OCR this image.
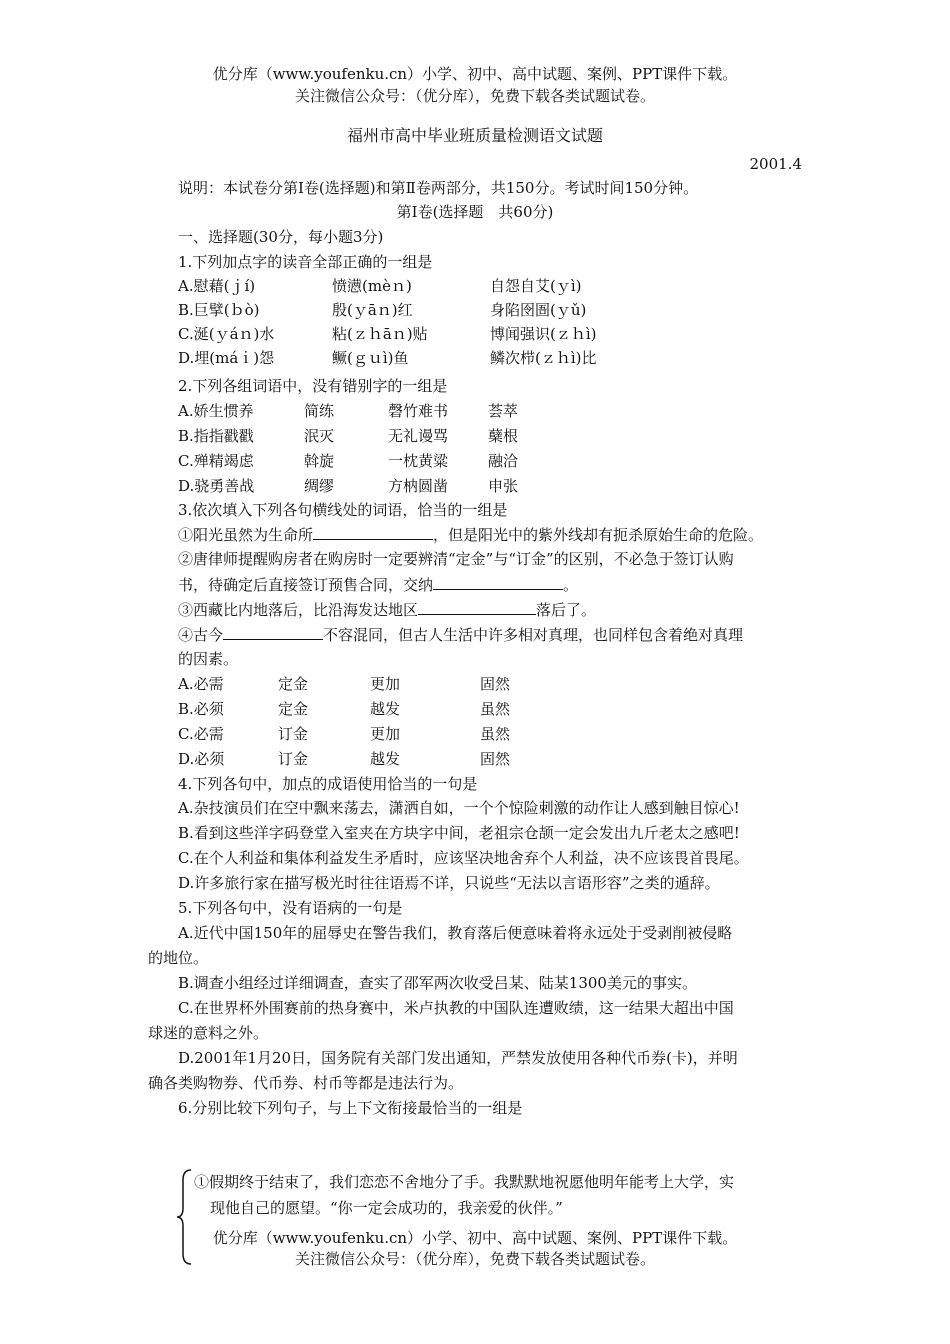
优分库（www.youfenku.cn）小学、初中、高中试题、案例、PPT课件下载。
关注微信公众号：（优分库），免费下载各类试题试卷。
福州市高中毕业班质量检测语文试题
2001.4
说明：本试卷分第Ⅰ卷(选择题)和第Ⅱ卷两部分，共150分。考试时间150分钟。
第Ⅰ卷(选择题　共60分)
一、选择题(30分，每小题3分)
1.下列加点字的读音全部正确的一组是
A.慰藉(ｊí)	愤懑(mèｎ)	自怨自艾(ｙì)
B.巨擘(ｂò)	殷(ｙāｎ)红	身陷囹圄(ｙǔ)
C.涎(ｙáｎ)水	粘(ｚｈāｎ)贴	博闻强识(ｚｈì)
D.埋(máｉ)怨	鳜(ｇｕì)鱼	鳞次栉(ｚｈì)比
2.下列各组词语中，没有错别字的一组是
A.娇生惯养	简练	磬竹难书	荟萃
B.指指戳戳	泯灭	无礼谩骂	蘖根
C.殚精竭虑	斡旋	一枕黄粱	融洽
D.骁勇善战	绸缪	方枘圆凿	申张
3.依次填入下列各句横线处的词语，恰当的一组是
①阳光虽然为生命所	，但是阳光中的紫外线却有扼杀原始生命的危险。
②唐律师提醒购房者在购房时一定要辨清“定金”与“订金”的区别，不必急于签订认购
书，待确定后直接签订预售合同，交纳	。
③西藏比内地落后，比沿海发达地区	落后了。
④古今	不容混同，但古人生活中许多相对真理，也同样包含着绝对真理
的因素。
A.必需	定金	更加	固然
B.必须	定金	越发	虽然
C.必需	订金	更加	虽然
D.必须	订金	越发	固然
4.下列各句中，加点的成语使用恰当的一句是
A.杂技演员们在空中飘来荡去，潇洒自如，一个个惊险刺激的动作让人感到触目惊心!
B.看到这些洋字码登堂入室夹在方块字中间，老祖宗仓颉一定会发出九斤老太之感吧!
C.在个人利益和集体利益发生矛盾时，应该坚决地舍弃个人利益，决不应该畏首畏尾。
D.许多旅行家在描写极光时往往语焉不详，只说些“无法以言语形容”之类的遁辞。
5.下列各句中，没有语病的一句是
A.近代中国150年的屈辱史在警告我们，教育落后便意味着将永远处于受剥削被侵略
的地位。
B.调查小组经过详细调查，查实了邵军两次收受吕某、陆某1300美元的事实。
C.在世界杯外围赛前的热身赛中，米卢执教的中国队连遭败绩，这一结果大超出中国
球迷的意料之外。
D.2001年1月20日，国务院有关部门发出通知，严禁发放使用各种代币券(卡)，并明
确各类购物券、代币券、村币等都是违法行为。
6.分别比较下列句子，与上下文衔接最恰当的一组是
①假期终于结束了，我们恋恋不舍地分了手。我默默地祝愿他明年能考上大学，实
现他自己的愿望。“你一定会成功的，我亲爱的伙伴。”
优分库（www.youfenku.cn）小学、初中、高中试题、案例、PPT课件下载。
关注微信公众号：（优分库），免费下载各类试题试卷。
